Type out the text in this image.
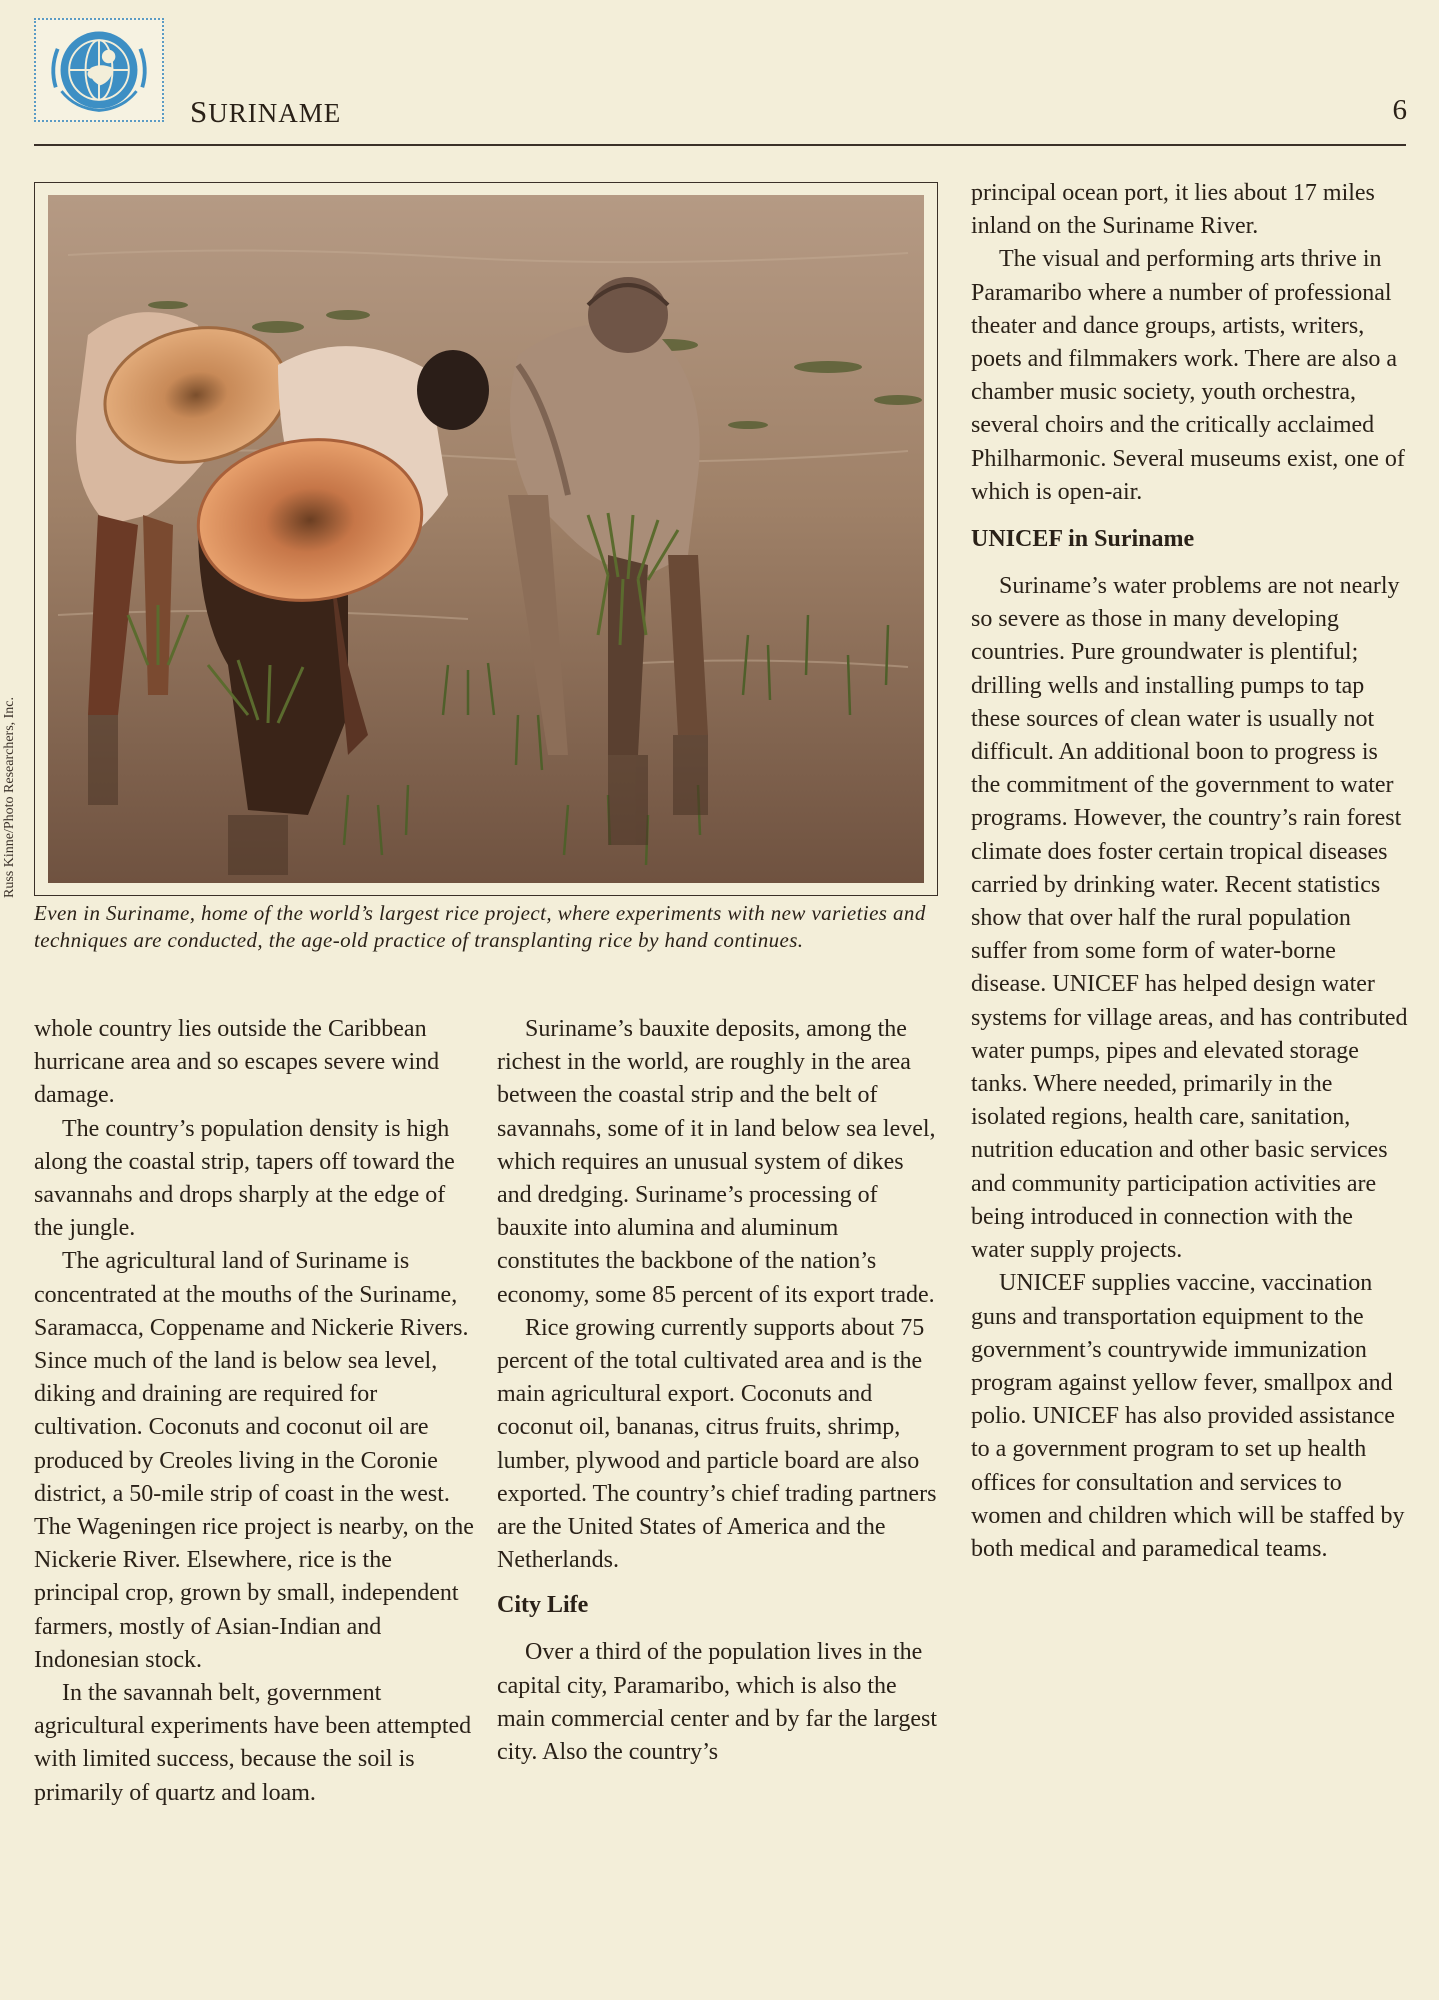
SURINAME	6
Russ Kinne/Photo Researchers, Inc.
Even in Suriname, home of the world’s largest rice project, where experiments with new varieties and techniques are conducted, the age-old practice of transplanting rice by hand continues.

whole country lies outside the Caribbean hurricane area and so escapes severe wind damage.

The country’s population density is high along the coastal strip, tapers off toward the savannahs and drops sharply at the edge of the jungle.

The agricultural land of Suriname is concentrated at the mouths of the Suriname, Saramacca, Coppename and Nickerie Rivers. Since much of the land is below sea level, diking and draining are required for cultivation. Coconuts and coconut oil are produced by Creoles living in the Coronie district, a 50-mile strip of coast in the west. The Wageningen rice project is nearby, on the Nickerie River. Elsewhere, rice is the principal crop, grown by small, independent farmers, mostly of Asian-Indian and Indonesian stock.

In the savannah belt, government agricultural experiments have been attempted with limited success, because the soil is primarily of quartz and loam.

Suriname’s bauxite deposits, among the richest in the world, are roughly in the area between the coastal strip and the belt of savannahs, some of it in land below sea level, which requires an unusual system of dikes and dredging. Suriname’s processing of bauxite into alumina and aluminum constitutes the backbone of the nation’s economy, some 85 percent of its export trade.

Rice growing currently supports about 75 percent of the total cultivated area and is the main agricultural export. Coconuts and coconut oil, bananas, citrus fruits, shrimp, lumber, plywood and particle board are also exported. The country’s chief trading partners are the United States of America and the Netherlands.

City Life

Over a third of the population lives in the capital city, Paramaribo, which is also the main commercial center and by far the largest city. Also the country’s

principal ocean port, it lies about 17 miles inland on the Suriname River.

The visual and performing arts thrive in Paramaribo where a number of professional theater and dance groups, artists, writers, poets and filmmakers work. There are also a chamber music society, youth orchestra, several choirs and the critically acclaimed Philharmonic. Several museums exist, one of which is open-air.

UNICEF in Suriname

Suriname’s water problems are not nearly so severe as those in many developing countries. Pure groundwater is plentiful; drilling wells and installing pumps to tap these sources of clean water is usually not difficult. An additional boon to progress is the commitment of the government to water programs. However, the country’s rain forest climate does foster certain tropical diseases carried by drinking water. Recent statistics show that over half the rural population suffer from some form of water-borne disease. UNICEF has helped design water systems for village areas, and has contributed water pumps, pipes and elevated storage tanks. Where needed, primarily in the isolated regions, health care, sanitation, nutrition education and other basic services and community participation activities are being introduced in connection with the water supply projects.

UNICEF supplies vaccine, vaccination guns and transportation equipment to the government’s countrywide immunization program against yellow fever, smallpox and polio. UNICEF has also provided assistance to a government program to set up health offices for consultation and services to women and children which will be staffed by both medical and paramedical teams.
